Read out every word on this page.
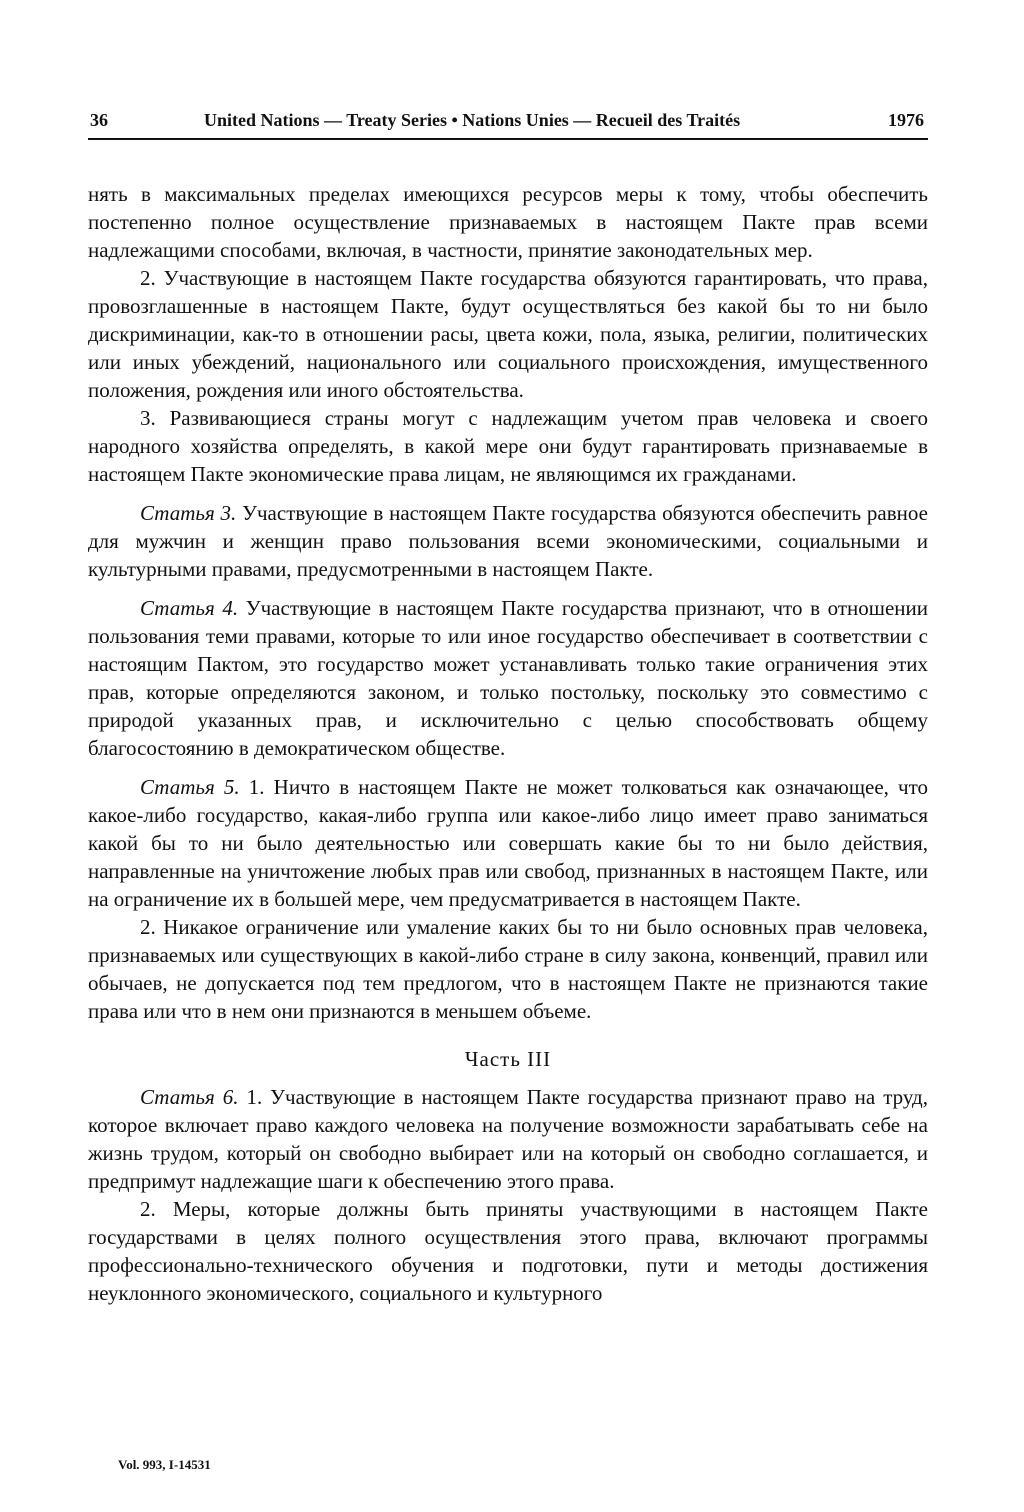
36	United Nations — Treaty Series • Nations Unies — Recueil des Traités	1976

нять в максимальных пределах имеющихся ресурсов меры к тому, чтобы обеспечить постепенно полное осуществление признаваемых в настоящем Пакте прав всеми надлежащими способами, включая, в частности, принятие законодательных мер.

2. Участвующие в настоящем Пакте государства обязуются гарантировать, что права, провозглашенные в настоящем Пакте, будут осуществляться без какой бы то ни было дискриминации, как-то в отношении расы, цвета кожи, пола, языка, религии, политических или иных убеждений, национального или социального происхождения, имущественного положения, рождения или иного обстоятельства.

3. Развивающиеся страны могут с надлежащим учетом прав человека и своего народного хозяйства определять, в какой мере они будут гарантировать признаваемые в настоящем Пакте экономические права лицам, не являющимся их гражданами.

Статья 3. Участвующие в настоящем Пакте государства обязуются обеспечить равное для мужчин и женщин право пользования всеми экономическими, социальными и культурными правами, предусмотренными в настоящем Пакте.

Статья 4. Участвующие в настоящем Пакте государства признают, что в отношении пользования теми правами, которые то или иное государство обеспечивает в соответствии с настоящим Пактом, это государство может устанавливать только такие ограничения этих прав, которые определяются законом, и только постольку, поскольку это совместимо с природой указанных прав, и исключительно с целью способствовать общему благосостоянию в демократическом обществе.

Статья 5. 1. Ничто в настоящем Пакте не может толковаться как означающее, что какое-либо государство, какая-либо группа или какое-либо лицо имеет право заниматься какой бы то ни было деятельностью или совершать какие бы то ни было действия, направленные на уничтожение любых прав или свобод, признанных в настоящем Пакте, или на ограничение их в большей мере, чем предусматривается в настоящем Пакте.

2. Никакое ограничение или умаление каких бы то ни было основных прав человека, признаваемых или существующих в какой-либо стране в силу закона, конвенций, правил или обычаев, не допускается под тем предлогом, что в настоящем Пакте не признаются такие права или что в нем они признаются в меньшем объеме.

Часть III

Статья 6. 1. Участвующие в настоящем Пакте государства признают право на труд, которое включает право каждого человека на получение возможности зарабатывать себе на жизнь трудом, который он свободно выбирает или на который он свободно соглашается, и предпримут надлежащие шаги к обеспечению этого права.

2. Меры, которые должны быть приняты участвующими в настоящем Пакте государствами в целях полного осуществления этого права, включают программы профессионально-технического обучения и подготовки, пути и методы достижения неуклонного экономического, социального и культурного

Vol. 993, I-14531
